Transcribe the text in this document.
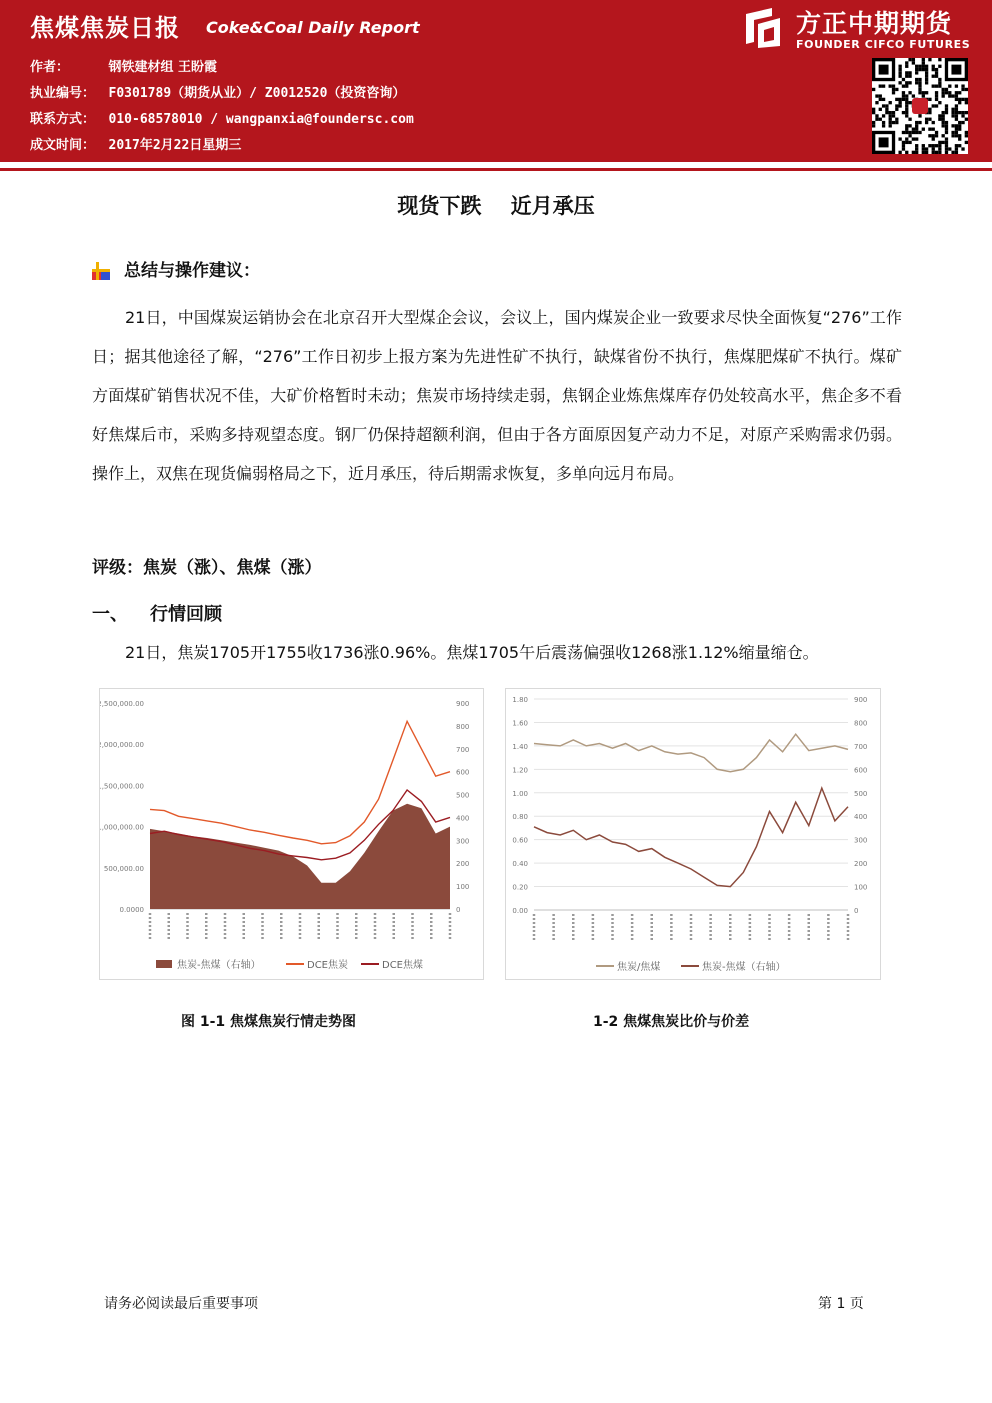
焦煤焦炭日报 Coke&Coal Daily Report	方正中期期货
FOUNDER CIFCO FUTURES
作者：	钢铁建材组 王盼霞
执业编号： F0301789（期货从业）/ Z0012520（投资咨询）
联系方式： 010-68578010 / wangpanxia@foundersc.com
成文时间： 2017年2月22日星期三
现货下跌    近月承压
总结与操作建议：
21日，中国煤炭运销协会在北京召开大型煤企会议，会议上，国内煤炭企业一致要求尽快全面恢复“276”工作日；据其他途径了解，“276”工作日初步上报方案为先进性矿不执行，缺煤省份不执行，焦煤肥煤矿不执行。煤矿方面煤矿销售状况不佳，大矿价格暂时未动；焦炭市场持续走弱，焦钢企业炼焦煤库存仍处较高水平，焦企多不看好焦煤后市，采购多持观望态度。钢厂仍保持超额利润，但由于各方面原因复产动力不足，对原产采购需求仍弱。操作上，双焦在现货偏弱格局之下，近月承压，待后期需求恢复，多单向远月布局。
评级：焦炭（涨）、焦煤（涨）
一、 行情回顾
21日，焦炭1705开1755收1736涨0.96%。焦煤1705午后震荡偏强收1268涨1.12%缩量缩仓。
2,500,000.00
2,000,000.00
1,500,000.00
1,000,000.00
500,000.00
0.0000
900
800
700
600
500
400
300
200
100
0
焦炭-焦煤（右轴）	DCE焦炭	DCE焦煤
1.80
1.60
1.40
1.20
1.00
0.80
0.60
0.40
0.20
0.00
900
800
700
600
500
400
300
200
100
0
焦炭/焦煤	焦炭-焦煤（右轴）
图 1-1 焦煤焦炭行情走势图	1-2 焦煤焦炭比价与价差
请务必阅读最后重要事项	第 1 页
